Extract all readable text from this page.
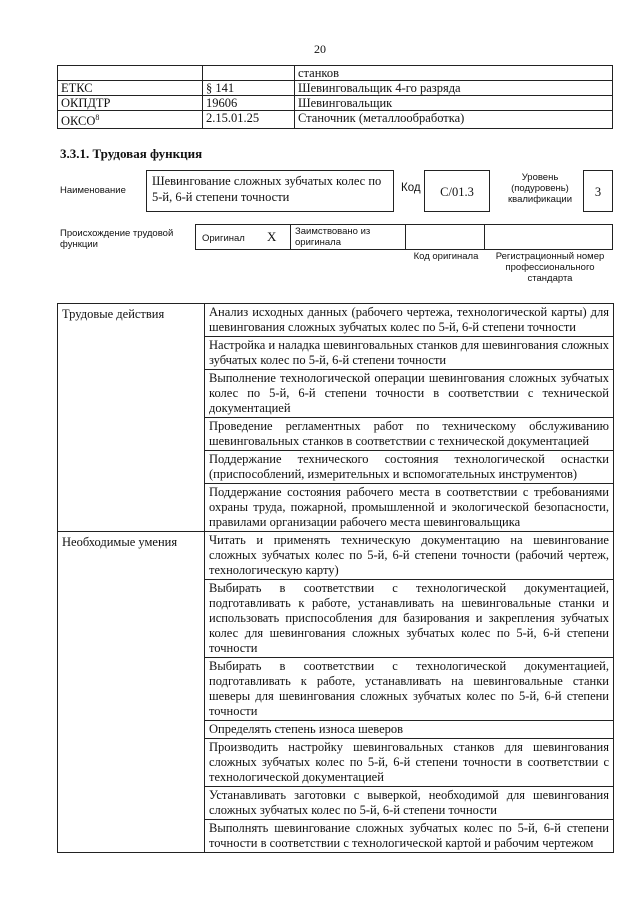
20
		станков
ЕТКС	§ 141	Шевинговальщик 4-го разряда
ОКПДТР	19606	Шевинговальщик
ОКСО$^8$	2.15.01.25	Станочник (металлообработка)
3.3.1. Трудовая функция
Наименование
Шевингование сложных зубчатых колес по 5-й, 6-й степени точности
Код	C/01.3
Уровень (подуровень) квалификации
3
Происхождение трудовой функции
Оригинал X Заимствовано из оригинала
Код оригинала	Регистрационный номер профессионального стандарта
Трудовые действия	Анализ исходных данных (рабочего чертежа, технологической карты) для шевингования сложных зубчатых колес по 5-й, 6-й степени точности
	Настройка и наладка шевинговальных станков для шевингования сложных зубчатых колес по 5-й, 6-й степени точности
	Выполнение технологической операции шевингования сложных зубчатых колес по 5-й, 6-й степени точности в соответствии с технической документацией
	Проведение регламентных работ по техническому обслуживанию шевинговальных станков в соответствии с технической документацией
	Поддержание технического состояния технологической оснастки (приспособлений, измерительных и вспомогательных инструментов)
	Поддержание состояния рабочего места в соответствии с требованиями охраны труда, пожарной, промышленной и экологической безопасности, правилами организации рабочего места шевинговальщика
Необходимые умения	Читать и применять техническую документацию на шевингование сложных зубчатых колес по 5-й, 6-й степени точности (рабочий чертеж, технологическую карту)
	Выбирать в соответствии с технологической документацией, подготавливать к работе, устанавливать на шевинговальные станки и использовать приспособления для базирования и закрепления зубчатых колес для шевингования сложных зубчатых колес по 5-й, 6-й степени точности
	Выбирать в соответствии с технологической документацией, подготавливать к работе, устанавливать на шевинговальные станки шеверы для шевингования сложных зубчатых колес по 5-й, 6-й степени точности
	Определять степень износа шеверов
	Производить настройку шевинговальных станков для шевингования сложных зубчатых колес по 5-й, 6-й степени точности в соответствии с технологической документацией
	Устанавливать заготовки с выверкой, необходимой для шевингования сложных зубчатых колес по 5-й, 6-й степени точности
	Выполнять шевингование сложных зубчатых колес по 5-й, 6-й степени точности в соответствии с технологической картой и рабочим чертежом
